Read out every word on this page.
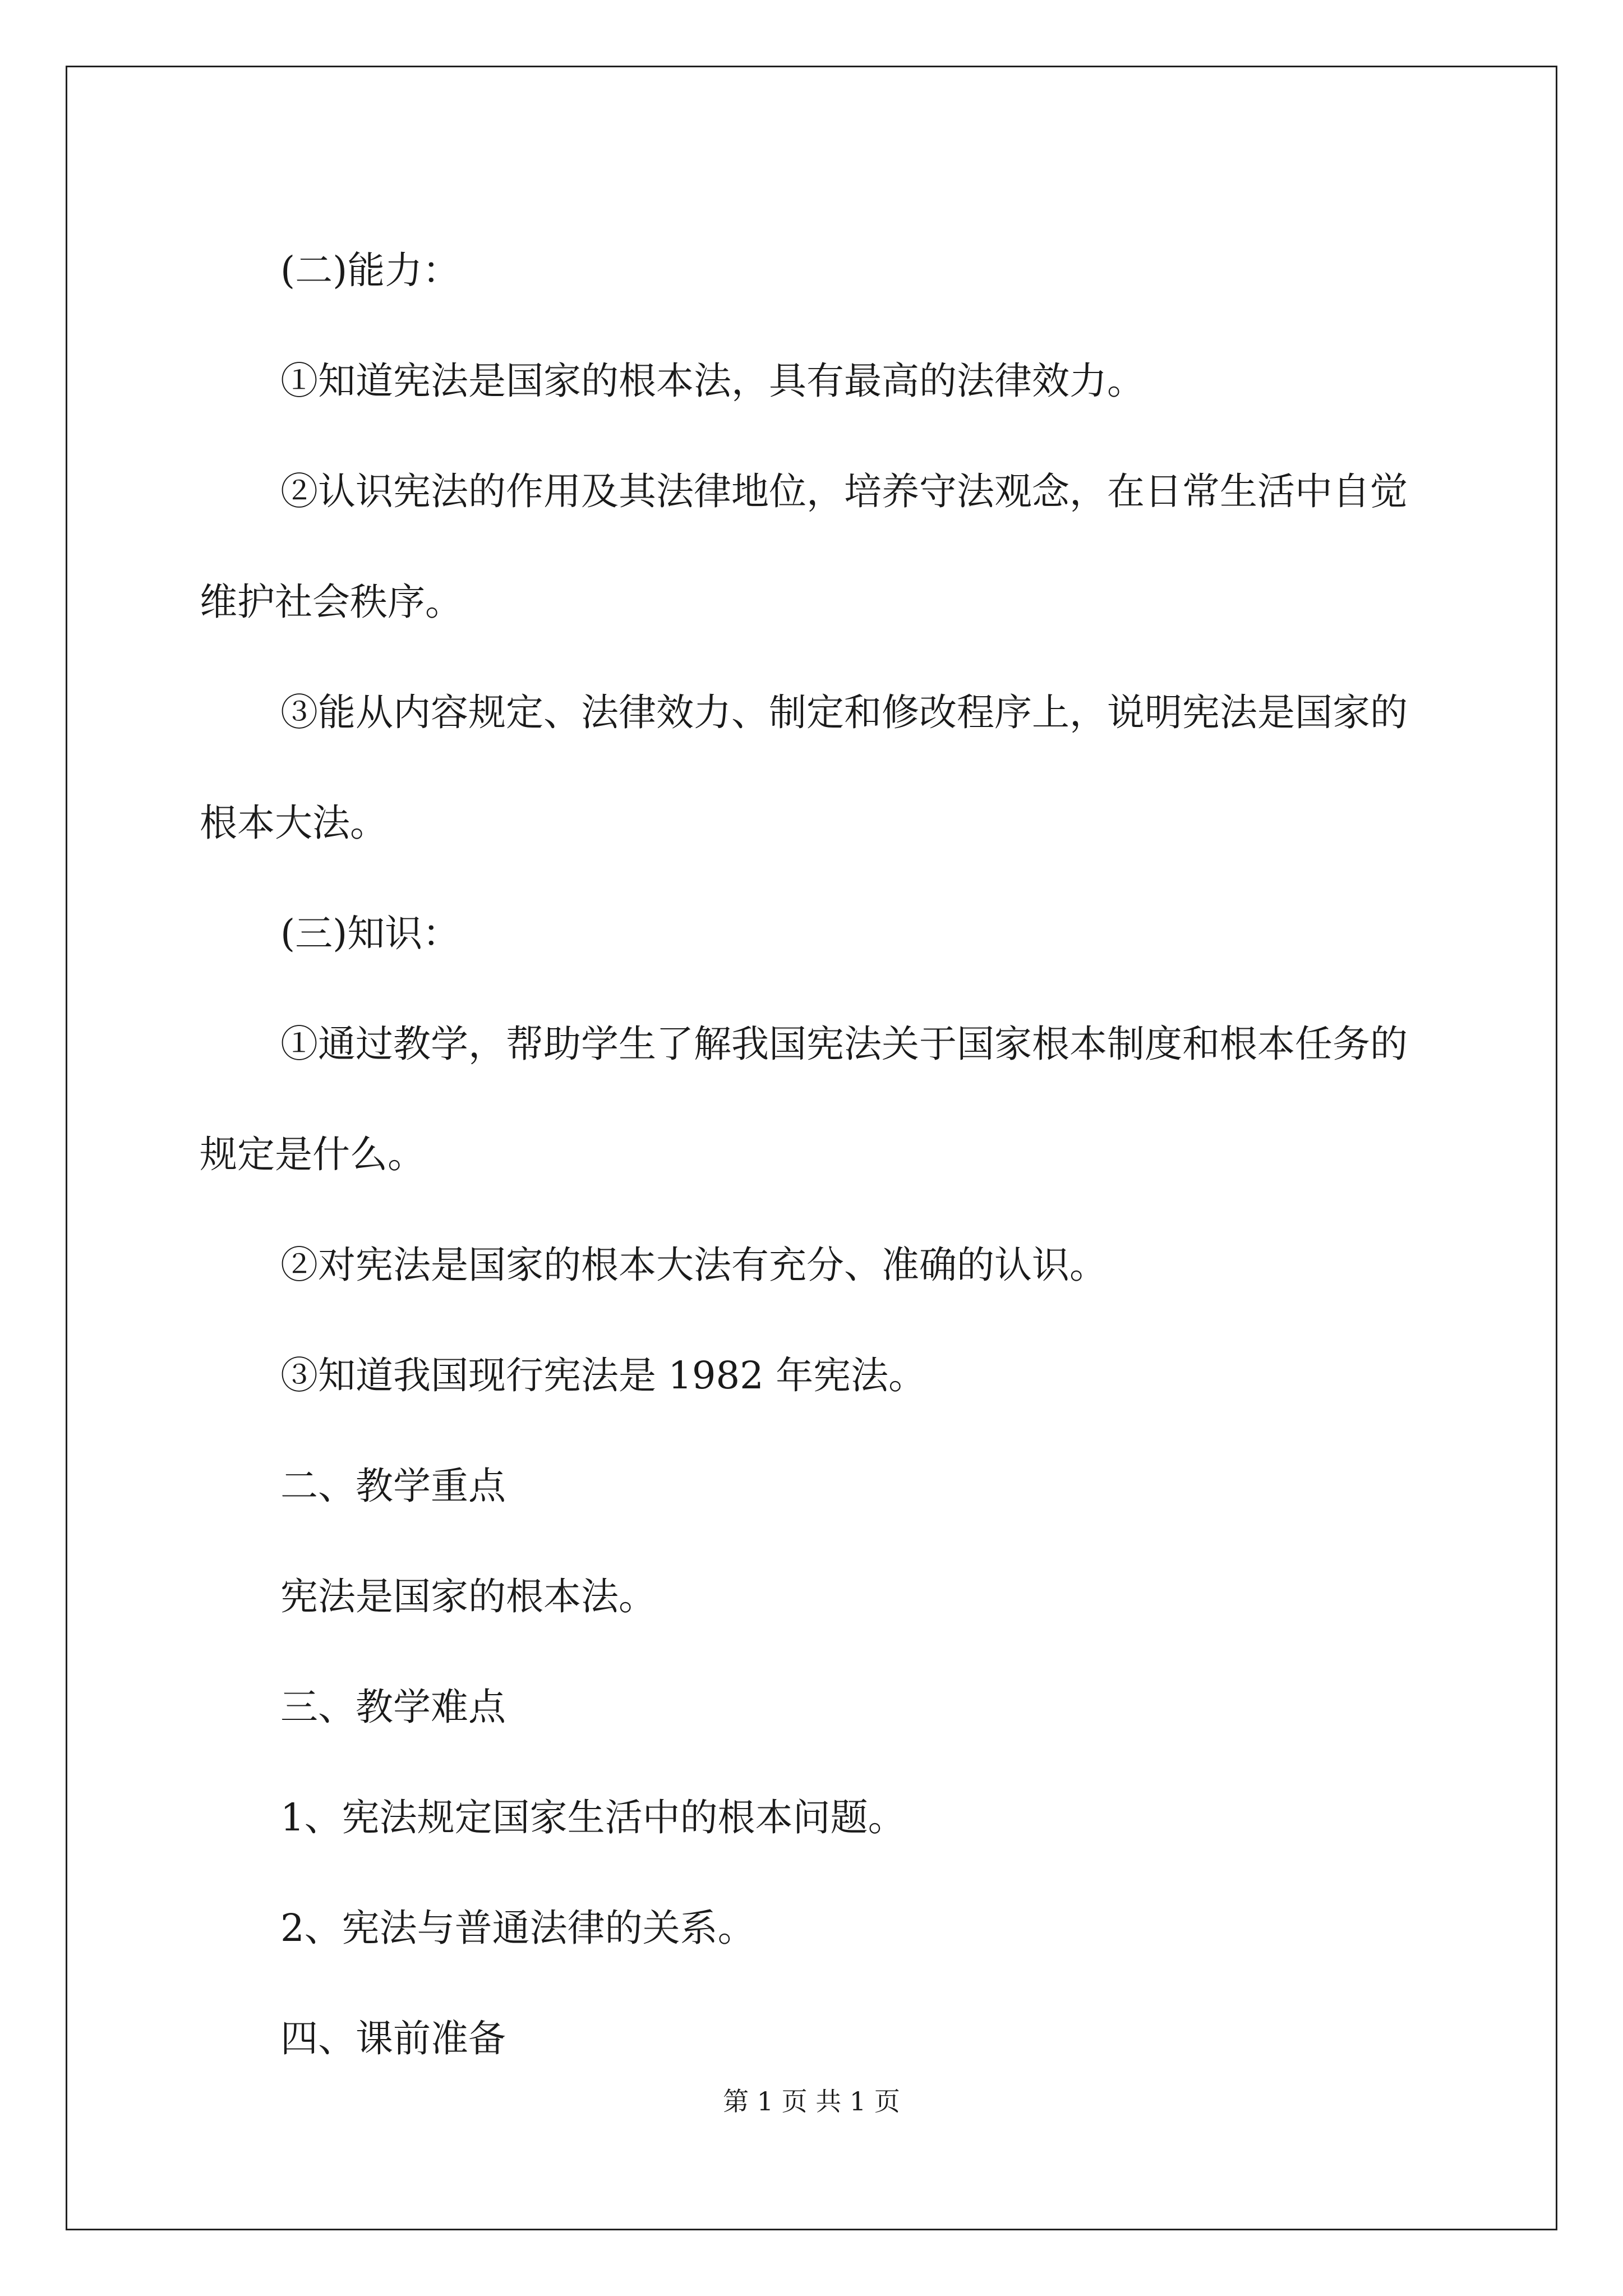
(二)能力：

①知道宪法是国家的根本法，具有最高的法律效力。

②认识宪法的作用及其法律地位，培养守法观念，在日常生活中自觉维护社会秩序。

③能从内容规定、法律效力、制定和修改程序上，说明宪法是国家的根本大法。

(三)知识：

①通过教学，帮助学生了解我国宪法关于国家根本制度和根本任务的规定是什么。

②对宪法是国家的根本大法有充分、准确的认识。

③知道我国现行宪法是 1982 年宪法。

二、教学重点

宪法是国家的根本法。

三、教学难点

1、宪法规定国家生活中的根本问题。

2、宪法与普通法律的关系。

四、课前准备

第 1 页 共 1 页
